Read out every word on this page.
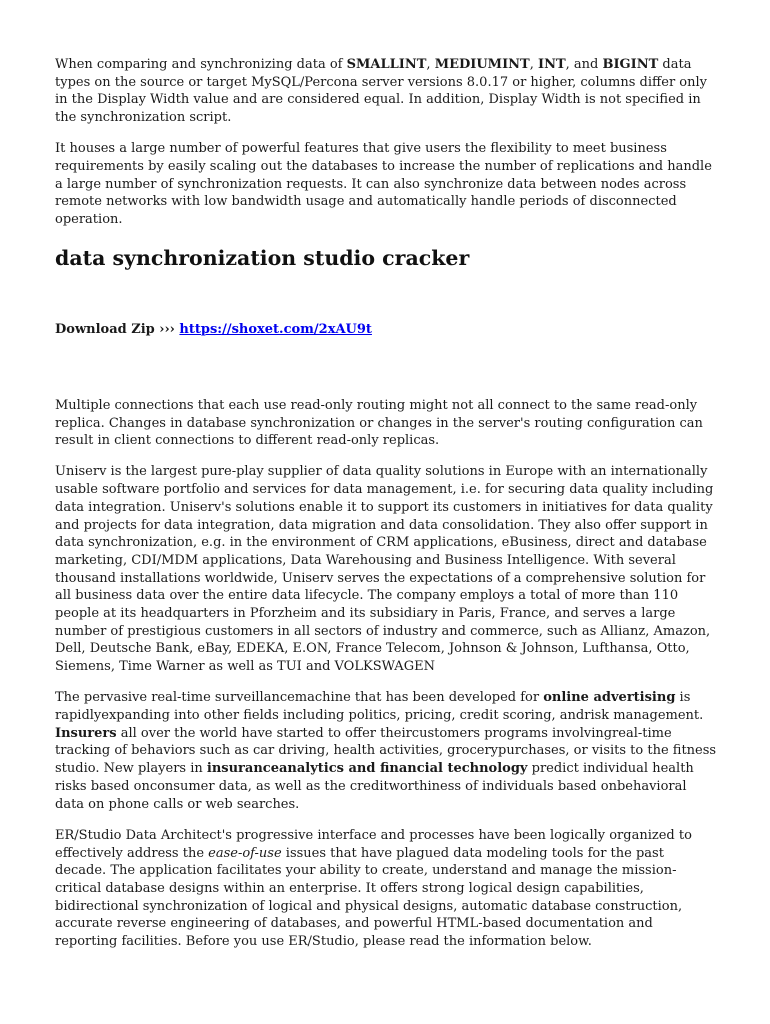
When comparing and synchronizing data of SMALLINT, MEDIUMINT, INT, and BIGINT data types on the source or target MySQL/Percona server versions 8.0.17 or higher, columns differ only in the Display Width value and are considered equal. In addition, Display Width is not specified in the synchronization script.

It houses a large number of powerful features that give users the flexibility to meet business requirements by easily scaling out the databases to increase the number of replications and handle a large number of synchronization requests. It can also synchronize data between nodes across remote networks with low bandwidth usage and automatically handle periods of disconnected operation.

data synchronization studio cracker

Download Zip ››› https://shoxet.com/2xAU9t

Multiple connections that each use read-only routing might not all connect to the same read-only replica. Changes in database synchronization or changes in the server's routing configuration can result in client connections to different read-only replicas.

Uniserv is the largest pure-play supplier of data quality solutions in Europe with an internationally usable software portfolio and services for data management, i.e. for securing data quality including data integration. Uniserv's solutions enable it to support its customers in initiatives for data quality and projects for data integration, data migration and data consolidation. They also offer support in data synchronization, e.g. in the environment of CRM applications, eBusiness, direct and database marketing, CDI/MDM applications, Data Warehousing and Business Intelligence. With several thousand installations worldwide, Uniserv serves the expectations of a comprehensive solution for all business data over the entire data lifecycle. The company employs a total of more than 110 people at its headquarters in Pforzheim and its subsidiary in Paris, France, and serves a large number of prestigious customers in all sectors of industry and commerce, such as Allianz, Amazon, Dell, Deutsche Bank, eBay, EDEKA, E.ON, France Telecom, Johnson & Johnson, Lufthansa, Otto, Siemens, Time Warner as well as TUI and VOLKSWAGEN

The pervasive real-time surveillancemachine that has been developed for online advertising is rapidlyexpanding into other fields including politics, pricing, credit scoring, andrisk management. Insurers all over the world have started to offer theircustomers programs involvingreal-time tracking of behaviors such as car driving, health activities, grocerypurchases, or visits to the fitness studio. New players in insuranceanalytics and financial technology predict individual health risks based onconsumer data, as well as the creditworthiness of individuals based onbehavioral data on phone calls or web searches.

ER/Studio Data Architect's progressive interface and processes have been logically organized to effectively address the ease-of-use issues that have plagued data modeling tools for the past decade. The application facilitates your ability to create, understand and manage the mission-critical database designs within an enterprise. It offers strong logical design capabilities, bidirectional synchronization of logical and physical designs, automatic database construction, accurate reverse engineering of databases, and powerful HTML-based documentation and reporting facilities. Before you use ER/Studio, please read the information below.
